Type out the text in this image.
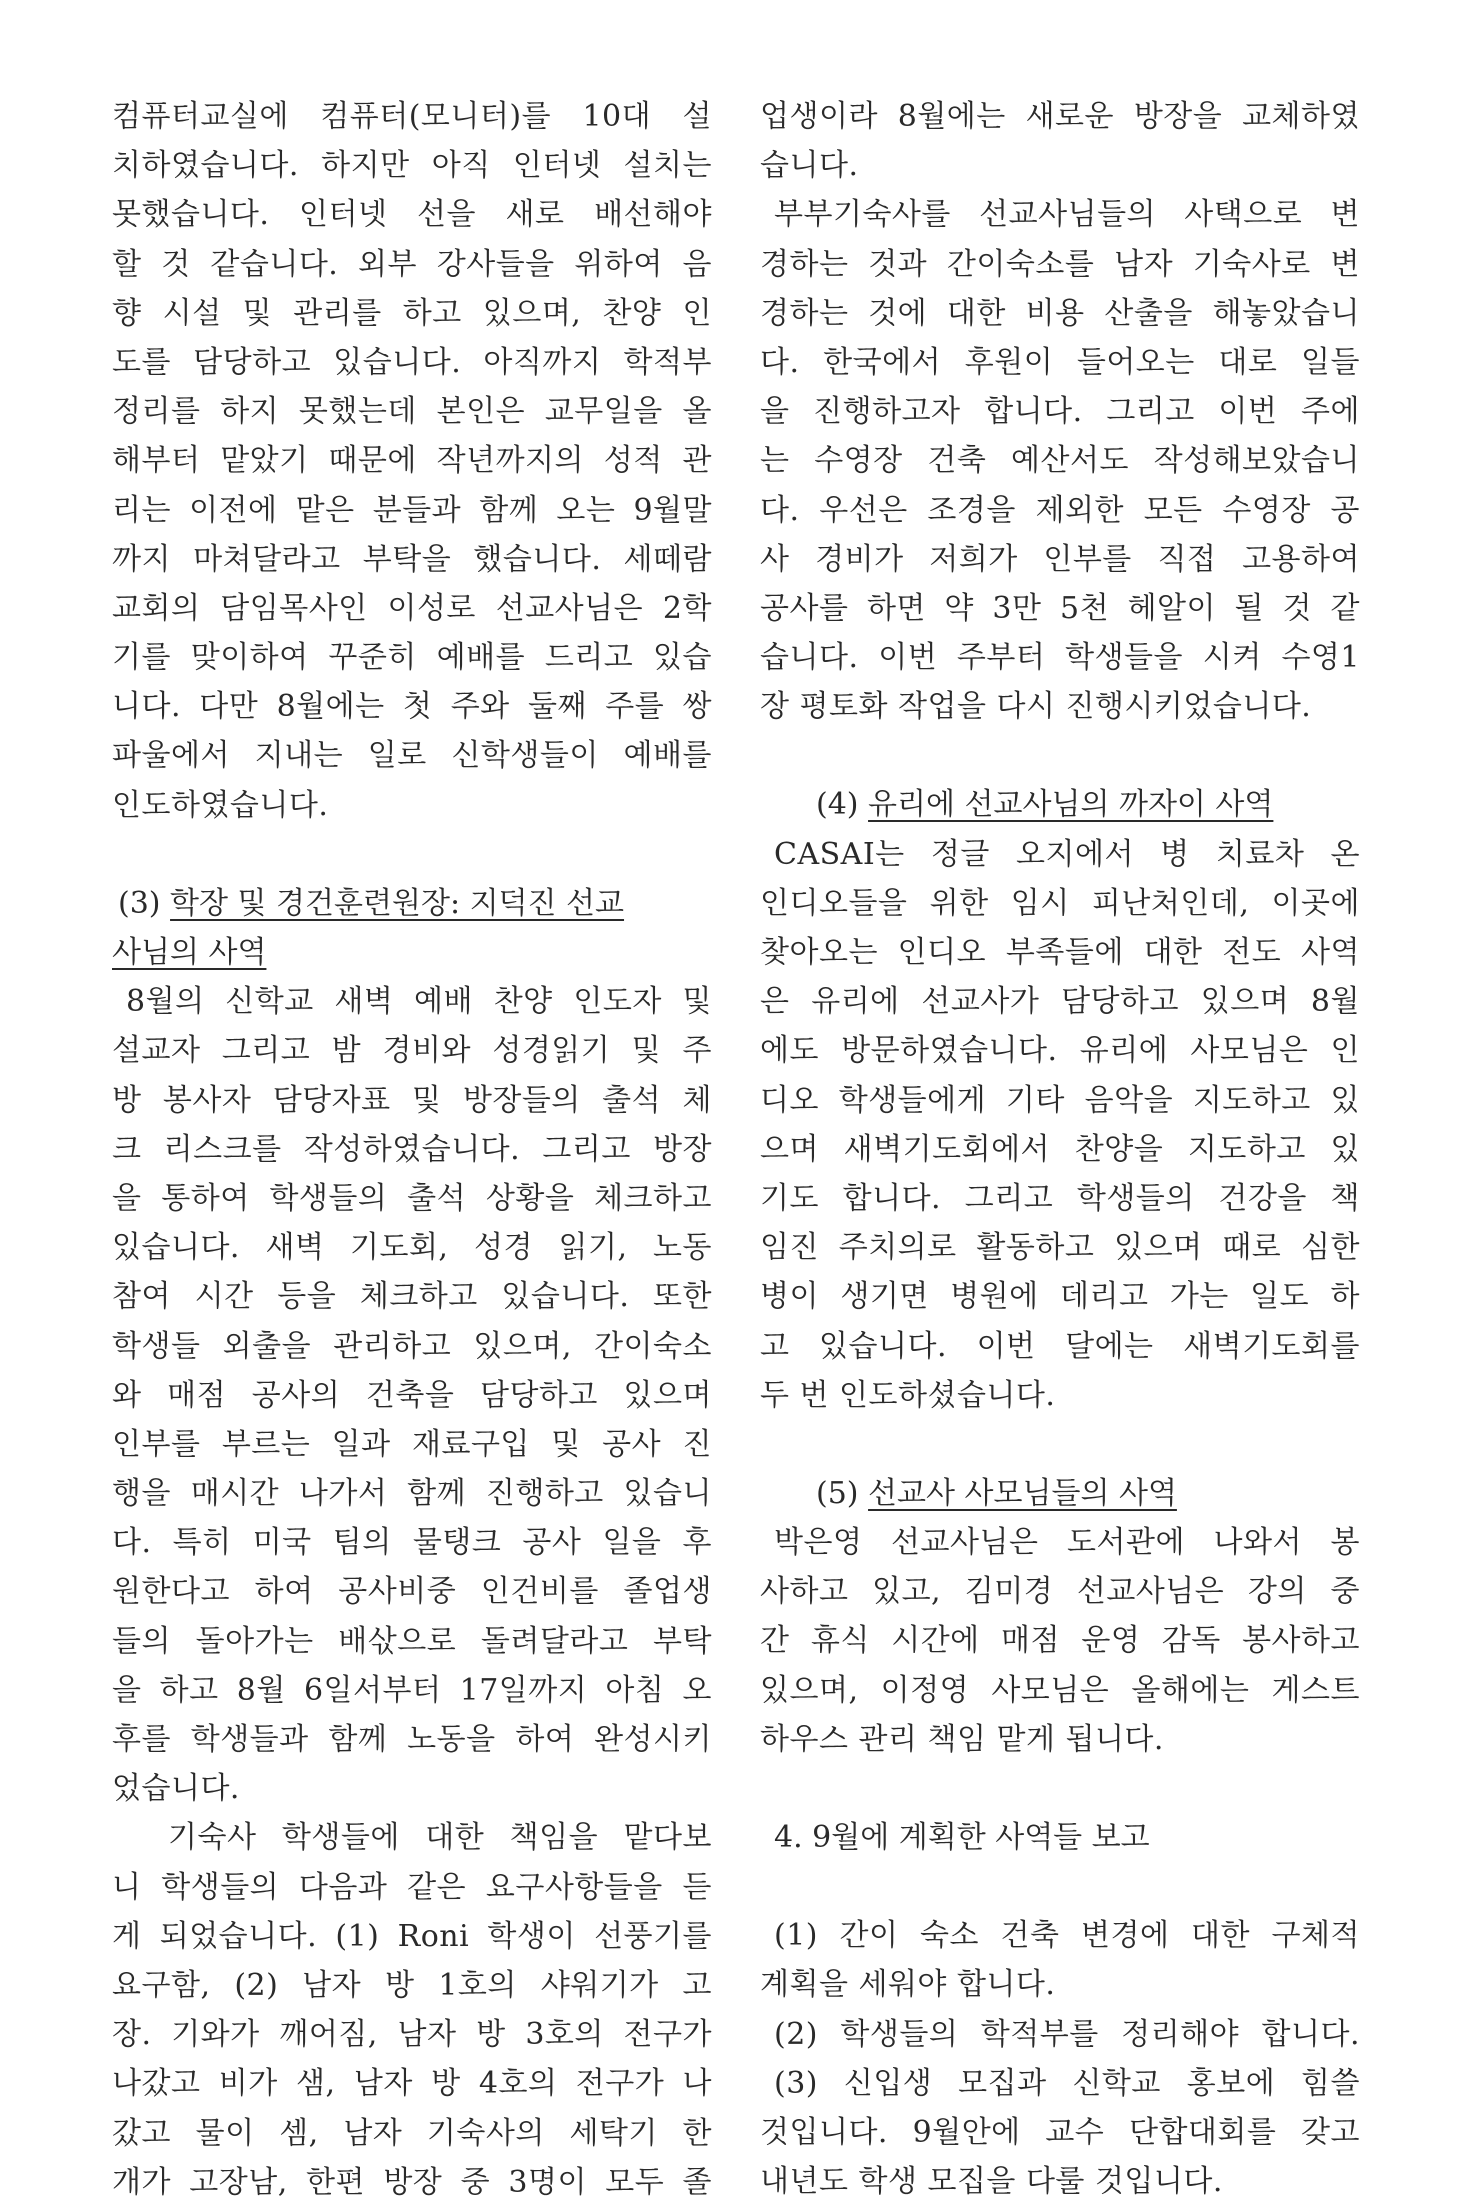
컴퓨터교실에 컴퓨터(모니터)를 10대 설
치하였습니다. 하지만 아직 인터넷 설치는
못했습니다. 인터넷 선을 새로 배선해야
할 것 같습니다. 외부 강사들을 위하여 음
향 시설 및 관리를 하고 있으며, 찬양 인
도를 담당하고 있습니다. 아직까지 학적부
정리를 하지 못했는데 본인은 교무일을 올
해부터 맡았기 때문에 작년까지의 성적 관
리는 이전에 맡은 분들과 함께 오는 9월말
까지 마쳐달라고 부탁을 했습니다. 세떼람
교회의 담임목사인 이성로 선교사님은 2학
기를 맞이하여 꾸준히 예배를 드리고 있습
니다. 다만 8월에는 첫 주와 둘째 주를 쌍
파울에서 지내는 일로 신학생들이 예배를
인도하였습니다.
(3) 학장 및 경건훈련원장: 지덕진 선교
사님의 사역
8월의 신학교 새벽 예배 찬양 인도자 및
설교자 그리고 밤 경비와 성경읽기 및 주
방 봉사자 담당자표 및 방장들의 출석 체
크 리스크를 작성하였습니다. 그리고 방장
을 통하여 학생들의 출석 상황을 체크하고
있습니다. 새벽 기도회, 성경 읽기, 노동
참여 시간 등을 체크하고 있습니다. 또한
학생들 외출을 관리하고 있으며, 간이숙소
와 매점 공사의 건축을 담당하고 있으며
인부를 부르는 일과 재료구입 및 공사 진
행을 매시간 나가서 함께 진행하고 있습니
다. 특히 미국 팀의 물탱크 공사 일을 후
원한다고 하여 공사비중 인건비를 졸업생
들의 돌아가는 배삯으로 돌려달라고 부탁
을 하고 8월 6일서부터 17일까지 아침 오
후를 학생들과 함께 노동을 하여 완성시키
었습니다.
기숙사 학생들에 대한 책임을 맡다보
니 학생들의 다음과 같은 요구사항들을 듣
게 되었습니다. (1) Roni 학생이 선풍기를
요구함, (2) 남자 방 1호의 샤워기가 고
장. 기와가 깨어짐, 남자 방 3호의 전구가
나갔고 비가 샘, 남자 방 4호의 전구가 나
갔고 물이 셈, 남자 기숙사의 세탁기 한
개가 고장남, 한편 방장 중 3명이 모두 졸
업생이라 8월에는 새로운 방장을 교체하였
습니다.
부부기숙사를 선교사님들의 사택으로 변
경하는 것과 간이숙소를 남자 기숙사로 변
경하는 것에 대한 비용 산출을 해놓았습니
다. 한국에서 후원이 들어오는 대로 일들
을 진행하고자 합니다. 그리고 이번 주에
는 수영장 건축 예산서도 작성해보았습니
다. 우선은 조경을 제외한 모든 수영장 공
사 경비가 저희가 인부를 직접 고용하여
공사를 하면 약 3만 5천 헤알이 될 것 같
습니다. 이번 주부터 학생들을 시켜 수영1
장 평토화 작업을 다시 진행시키었습니다.
(4) 유리에 선교사님의 까자이 사역
CASAI는 정글 오지에서 병 치료차 온
인디오들을 위한 임시 피난처인데, 이곳에
찾아오는 인디오 부족들에 대한 전도 사역
은 유리에 선교사가 담당하고 있으며 8월
에도 방문하였습니다. 유리에 사모님은 인
디오 학생들에게 기타 음악을 지도하고 있
으며 새벽기도회에서 찬양을 지도하고 있
기도 합니다. 그리고 학생들의 건강을 책
임진 주치의로 활동하고 있으며 때로 심한
병이 생기면 병원에 데리고 가는 일도 하
고 있습니다. 이번 달에는 새벽기도회를
두 번 인도하셨습니다.
(5) 선교사 사모님들의 사역
박은영 선교사님은 도서관에 나와서 봉
사하고 있고, 김미경 선교사님은 강의 중
간 휴식 시간에 매점 운영 감독 봉사하고
있으며, 이정영 사모님은 올해에는 게스트
하우스 관리 책임 맡게 됩니다.
4. 9월에 계획한 사역들 보고
(1) 간이 숙소 건축 변경에 대한 구체적
계획을 세워야 합니다.
(2) 학생들의 학적부를 정리해야 합니다.
(3) 신입생 모집과 신학교 홍보에 힘쓸
것입니다. 9월안에 교수 단합대회를 갖고
내년도 학생 모집을 다룰 것입니다.
